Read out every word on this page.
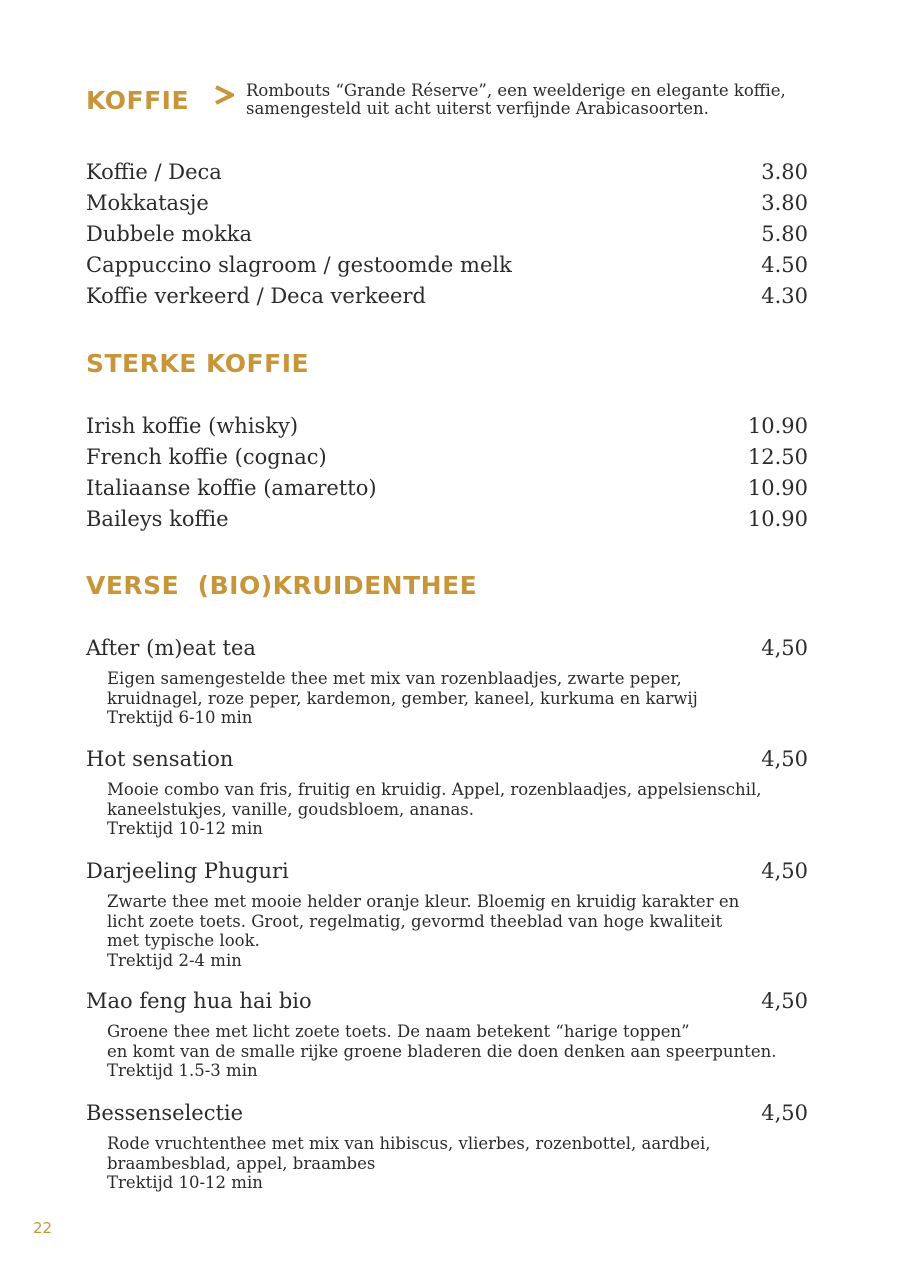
KOFFIE	Rombouts “Grande Réserve”, een weelderige en elegante koffie,
samengesteld uit acht uiterst verfijnde Arabicasoorten.
Koffie / Deca	3.80
Mokkatasje	3.80
Dubbele mokka	5.80
Cappuccino slagroom / gestoomde melk	4.50
Koffie verkeerd / Deca verkeerd	4.30
STERKE KOFFIE
Irish koffie (whisky)	10.90
French koffie (cognac)	12.50
Italiaanse koffie (amaretto)	10.90
Baileys koffie	10.90
VERSE  (BIO)KRUIDENTHEE
After (m)eat tea	4,50
Eigen samengestelde thee met mix van rozenblaadjes, zwarte peper,
kruidnagel, roze peper, kardemon, gember, kaneel, kurkuma en karwij
Trektijd 6-10 min
Hot sensation	4,50
Mooie combo van fris, fruitig en kruidig. Appel, rozenblaadjes, appelsienschil,
kaneelstukjes, vanille, goudsbloem, ananas.
Trektijd 10-12 min
Darjeeling Phuguri	4,50
Zwarte thee met mooie helder oranje kleur. Bloemig en kruidig karakter en
licht zoete toets. Groot, regelmatig, gevormd theeblad van hoge kwaliteit
met typische look.
Trektijd 2-4 min
Mao feng hua hai bio	4,50
Groene thee met licht zoete toets. De naam betekent “harige toppen”
en komt van de smalle rijke groene bladeren die doen denken aan speerpunten.
Trektijd 1.5-3 min
Bessenselectie	4,50
Rode vruchtenthee met mix van hibiscus, vlierbes, rozenbottel, aardbei,
braambesblad, appel, braambes
Trektijd 10-12 min
22
